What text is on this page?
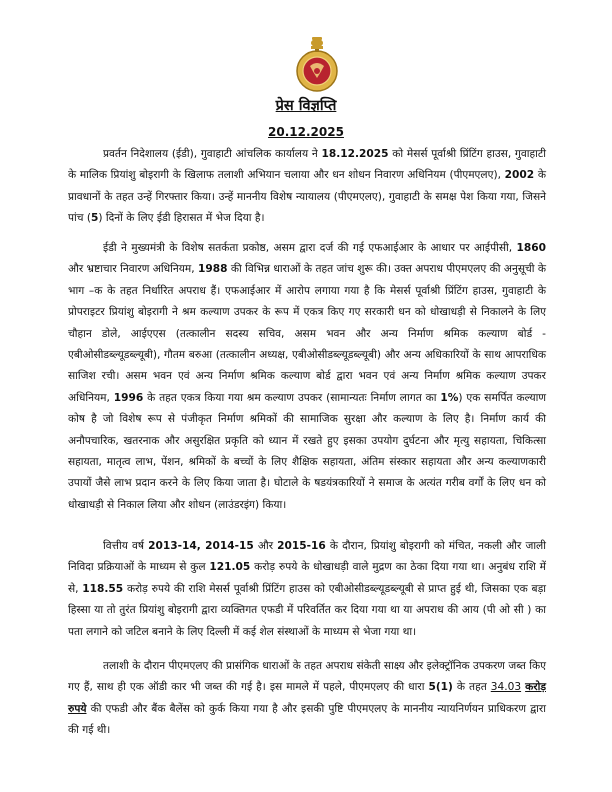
प्रेस विज्ञप्ति
20.12.2025

प्रवर्तन निदेशालय (ईडी), गुवाहाटी आंचलिक कार्यालय ने 18.12.2025 को मेसर्स पूर्वाश्री प्रिंटिंग हाउस, गुवाहाटी के मालिक प्रियांशु बोइरागी के खिलाफ तलाशी अभियान चलाया और धन शोधन निवारण अधिनियम (पीएमएलए), 2002 के प्रावधानों के तहत उन्हें गिरफ्तार किया। उन्हें माननीय विशेष न्यायालय (पीएमएलए), गुवाहाटी के समक्ष पेश किया गया, जिसने पांच (5) दिनों के लिए ईडी हिरासत में भेज दिया है।

ईडी ने मुख्यमंत्री के विशेष सतर्कता प्रकोष्ठ, असम द्वारा दर्ज की गई एफआईआर के आधार पर आईपीसी, 1860 और भ्रष्टाचार निवारण अधिनियम, 1988 की विभिन्न धाराओं के तहत जांच शुरू की। उक्त अपराध पीएमएलए की अनुसूची के भाग –क के तहत निर्धारित अपराध हैं। एफआईआर में आरोप लगाया गया है कि मेसर्स पूर्वाश्री प्रिंटिंग हाउस, गुवाहाटी के प्रोपराइटर प्रियांशु बोइरागी ने श्रम कल्याण उपकर के रूप में एकत्र किए गए सरकारी धन को धोखाधड़ी से निकालने के लिए चौहान डोले, आईएएस (तत्कालीन सदस्य सचिव, असम भवन और अन्य निर्माण श्रमिक कल्याण बोर्ड - एबीओसीडब्ल्यूडब्ल्यूबी), गौतम बरुआ (तत्कालीन अध्यक्ष, एबीओसीडब्ल्यूडब्ल्यूबी) और अन्य अधिकारियों के साथ आपराधिक साजिश रची। असम भवन एवं अन्य निर्माण श्रमिक कल्याण बोर्ड द्वारा भवन एवं अन्य निर्माण श्रमिक कल्याण उपकर अधिनियम, 1996 के तहत एकत्र किया गया श्रम कल्याण उपकर (सामान्यतः निर्माण लागत का 1%) एक समर्पित कल्याण कोष है जो विशेष रूप से पंजीकृत निर्माण श्रमिकों की सामाजिक सुरक्षा और कल्याण के लिए है। निर्माण कार्य की अनौपचारिक, खतरनाक और असुरक्षित प्रकृति को ध्यान में रखते हुए इसका उपयोग दुर्घटना और मृत्यु सहायता, चिकित्सा सहायता, मातृत्व लाभ, पेंशन, श्रमिकों के बच्चों के लिए शैक्षिक सहायता, अंतिम संस्कार सहायता और अन्य कल्याणकारी उपायों जैसे लाभ प्रदान करने के लिए किया जाता है। घोटाले के षडयंत्रकारियों ने समाज के अत्यंत गरीब वर्गों के लिए धन को धोखाधड़ी से निकाल लिया और शोधन (लाउंडरइंग) किया।

वित्तीय वर्ष 2013-14, 2014-15 और 2015-16 के दौरान, प्रियांशु बोइरागी को मंचित, नकली और जाली निविदा प्रक्रियाओं के माध्यम से कुल 121.05 करोड़ रुपये के धोखाधड़ी वाले मुद्रण का ठेका दिया गया था। अनुबंध राशि में से, 118.55 करोड़ रुपये की राशि मेसर्स पूर्वाश्री प्रिंटिंग हाउस को एबीओसीडब्ल्यूडब्ल्यूबी से प्राप्त हुई थी, जिसका एक बड़ा हिस्सा या तो तुरंत प्रियांशु बोइरागी द्वारा व्यक्तिगत एफडी में परिवर्तित कर दिया गया था या अपराध की आय (पी ओ सी ) का पता लगाने को जटिल बनाने के लिए दिल्ली में कई शेल संस्थाओं के माध्यम से भेजा गया था।

तलाशी के दौरान पीएमएलए की प्रासंगिक धाराओं के तहत अपराध संकेती साक्ष्य और इलेक्ट्रॉनिक उपकरण जब्त किए गए हैं, साथ ही एक ऑडी कार भी जब्त की गई है। इस मामले में पहले, पीएमएलए की धारा 5(1) के तहत 34.03 करोड़ रुपये की एफडी और बैंक बैलेंस को कुर्क किया गया है और इसकी पुष्टि पीएमएलए के माननीय न्यायनिर्णयन प्राधिकरण द्वारा की गई थी।
